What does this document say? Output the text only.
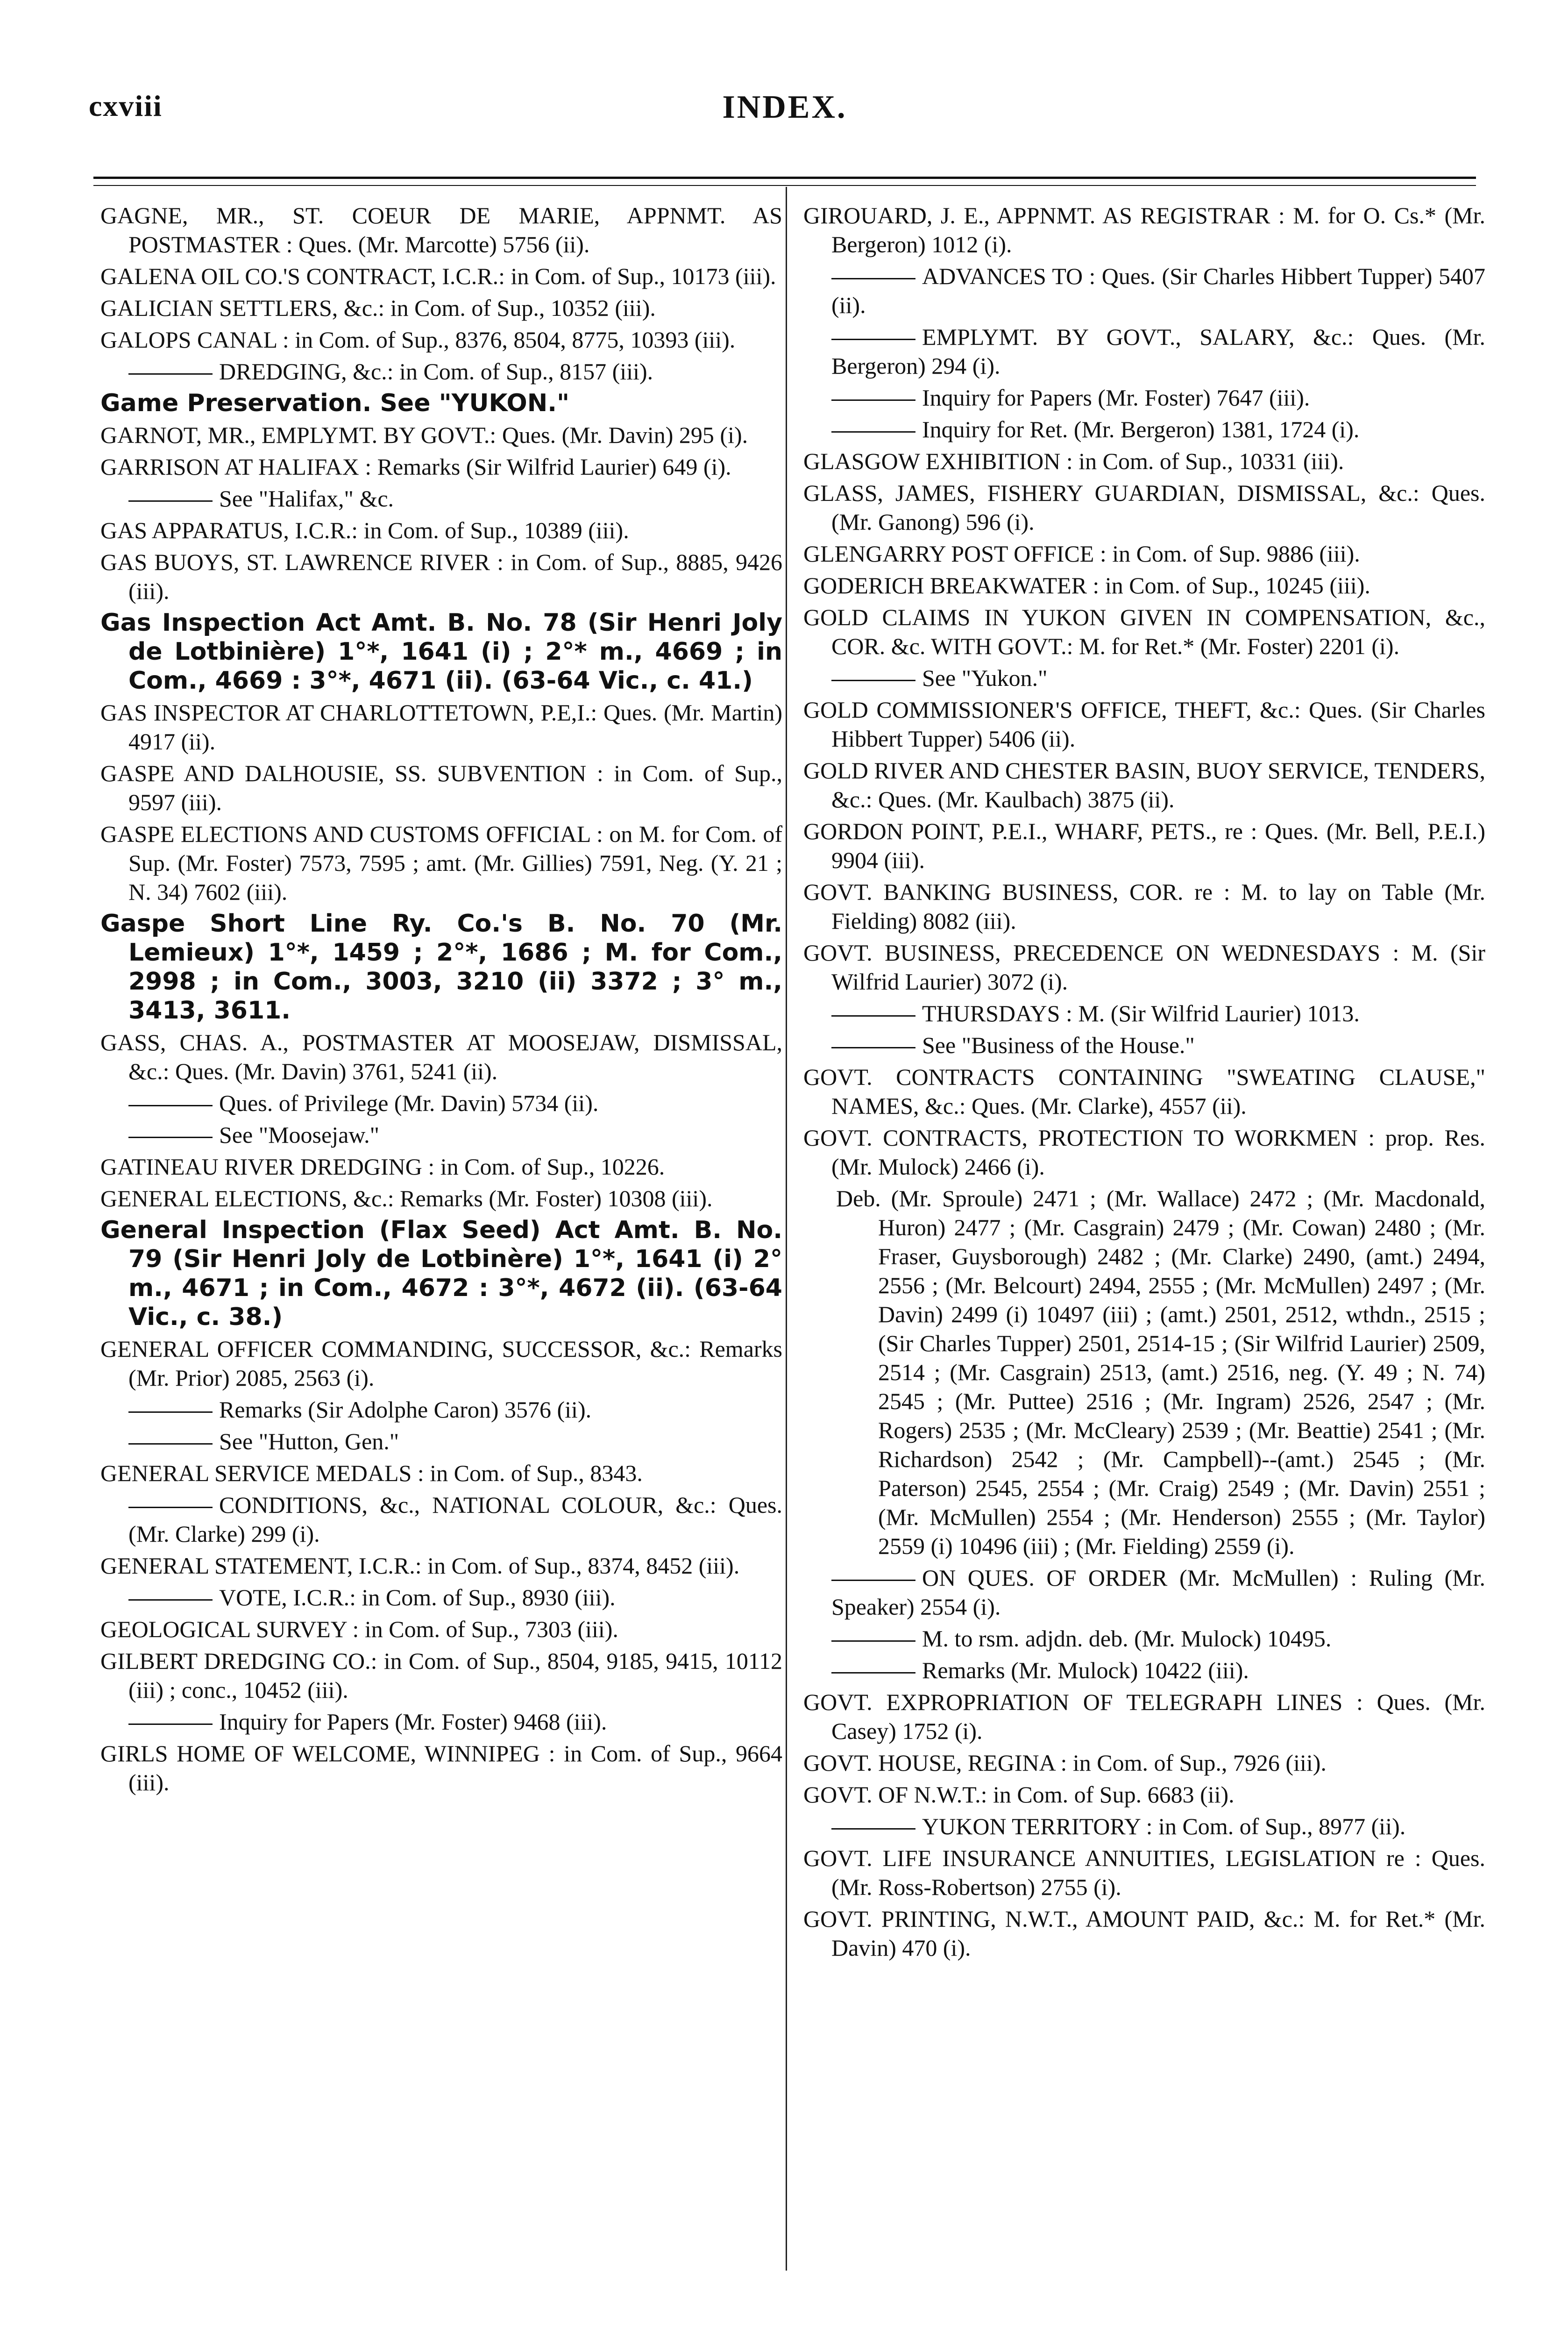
cxviii	INDEX.
GAGNE, MR., ST. COEUR DE MARIE, APPNMT. AS POSTMASTER : Ques. (Mr. Marcotte) 5756 (ii).
GALENA OIL CO.'S CONTRACT, I.C.R.: in Com. of Sup., 10173 (iii).
GALICIAN SETTLERS, &c.: in Com. of Sup., 10352 (iii).
GALOPS CANAL : in Com. of Sup., 8376, 8504, 8775, 10393 (iii).
DREDGING, &c.: in Com. of Sup., 8157 (iii).
Game Preservation. See "YUKON."
GARNOT, MR., EMPLYMT. BY GOVT.: Ques. (Mr. Davin) 295 (i).
GARRISON AT HALIFAX : Remarks (Sir Wilfrid Laurier) 649 (i).
See "Halifax," &c.
GAS APPARATUS, I.C.R.: in Com. of Sup., 10389 (iii).
GAS BUOYS, ST. LAWRENCE RIVER : in Com. of Sup., 8885, 9426 (iii).
Gas Inspection Act Amt. B. No. 78 (Sir Henri Joly de Lotbinière) 1°*, 1641 (i) ; 2°* m., 4669 ; in Com., 4669 : 3°*, 4671 (ii). (63-64 Vic., c. 41.)
GAS INSPECTOR AT CHARLOTTETOWN, P.E,I.: Ques. (Mr. Martin) 4917 (ii).
GASPE AND DALHOUSIE, SS. SUBVENTION : in Com. of Sup., 9597 (iii).
GASPE ELECTIONS AND CUSTOMS OFFICIAL : on M. for Com. of Sup. (Mr. Foster) 7573, 7595 ; amt. (Mr. Gillies) 7591, Neg. (Y. 21 ; N. 34) 7602 (iii).
Gaspe Short Line Ry. Co.'s B. No. 70 (Mr. Lemieux) 1°*, 1459 ; 2°*, 1686 ; M. for Com., 2998 ; in Com., 3003, 3210 (ii) 3372 ; 3° m., 3413, 3611.
GASS, CHAS. A., POSTMASTER AT MOOSEJAW, DISMISSAL, &c.: Ques. (Mr. Davin) 3761, 5241 (ii).
Ques. of Privilege (Mr. Davin) 5734 (ii).
See "Moosejaw."
GATINEAU RIVER DREDGING : in Com. of Sup., 10226.
GENERAL ELECTIONS, &c.: Remarks (Mr. Foster) 10308 (iii).
General Inspection (Flax Seed) Act Amt. B. No. 79 (Sir Henri Joly de Lotbinère) 1°*, 1641 (i) 2° m., 4671 ; in Com., 4672 : 3°*, 4672 (ii). (63-64 Vic., c. 38.)
GENERAL OFFICER COMMANDING, SUCCESSOR, &c.: Remarks (Mr. Prior) 2085, 2563 (i).
Remarks (Sir Adolphe Caron) 3576 (ii).
See "Hutton, Gen."
GENERAL SERVICE MEDALS : in Com. of Sup., 8343.
CONDITIONS, &c., NATIONAL COLOUR, &c.: Ques. (Mr. Clarke) 299 (i).
GENERAL STATEMENT, I.C.R.: in Com. of Sup., 8374, 8452 (iii).
VOTE, I.C.R.: in Com. of Sup., 8930 (iii).
GEOLOGICAL SURVEY : in Com. of Sup., 7303 (iii).
GILBERT DREDGING CO.: in Com. of Sup., 8504, 9185, 9415, 10112 (iii) ; conc., 10452 (iii).
Inquiry for Papers (Mr. Foster) 9468 (iii).
GIRLS HOME OF WELCOME, WINNIPEG : in Com. of Sup., 9664 (iii).
GIROUARD, J. E., APPNMT. AS REGISTRAR : M. for O. Cs.* (Mr. Bergeron) 1012 (i).
ADVANCES TO : Ques. (Sir Charles Hibbert Tupper) 5407 (ii).
EMPLYMT. BY GOVT., SALARY, &c.: Ques. (Mr. Bergeron) 294 (i).
Inquiry for Papers (Mr. Foster) 7647 (iii).
Inquiry for Ret. (Mr. Bergeron) 1381, 1724 (i).
GLASGOW EXHIBITION : in Com. of Sup., 10331 (iii).
GLASS, JAMES, FISHERY GUARDIAN, DISMISSAL, &c.: Ques. (Mr. Ganong) 596 (i).
GLENGARRY POST OFFICE : in Com. of Sup. 9886 (iii).
GODERICH BREAKWATER : in Com. of Sup., 10245 (iii).
GOLD CLAIMS IN YUKON GIVEN IN COMPENSATION, &c., COR. &c. WITH GOVT.: M. for Ret.* (Mr. Foster) 2201 (i).
See "Yukon."
GOLD COMMISSIONER'S OFFICE, THEFT, &c.: Ques. (Sir Charles Hibbert Tupper) 5406 (ii).
GOLD RIVER AND CHESTER BASIN, BUOY SERVICE, TENDERS, &c.: Ques. (Mr. Kaulbach) 3875 (ii).
GORDON POINT, P.E.I., WHARF, PETS., re : Ques. (Mr. Bell, P.E.I.) 9904 (iii).
GOVT. BANKING BUSINESS, COR. re : M. to lay on Table (Mr. Fielding) 8082 (iii).
GOVT. BUSINESS, PRECEDENCE ON WEDNESDAYS : M. (Sir Wilfrid Laurier) 3072 (i).
THURSDAYS : M. (Sir Wilfrid Laurier) 1013.
See "Business of the House."
GOVT. CONTRACTS CONTAINING "SWEATING CLAUSE," NAMES, &c.: Ques. (Mr. Clarke), 4557 (ii).
GOVT. CONTRACTS, PROTECTION TO WORKMEN : prop. Res. (Mr. Mulock) 2466 (i).
Deb. (Mr. Sproule) 2471 ; (Mr. Wallace) 2472 ; (Mr. Macdonald, Huron) 2477 ; (Mr. Casgrain) 2479 ; (Mr. Cowan) 2480 ; (Mr. Fraser, Guysborough) 2482 ; (Mr. Clarke) 2490, (amt.) 2494, 2556 ; (Mr. Belcourt) 2494, 2555 ; (Mr. McMullen) 2497 ; (Mr. Davin) 2499 (i) 10497 (iii) ; (amt.) 2501, 2512, wthdn., 2515 ; (Sir Charles Tupper) 2501, 2514-15 ; (Sir Wilfrid Laurier) 2509, 2514 ; (Mr. Casgrain) 2513, (amt.) 2516, neg. (Y. 49 ; N. 74) 2545 ; (Mr. Puttee) 2516 ; (Mr. Ingram) 2526, 2547 ; (Mr. Rogers) 2535 ; (Mr. McCleary) 2539 ; (Mr. Beattie) 2541 ; (Mr. Richardson) 2542 ; (Mr. Campbell)--(amt.) 2545 ; (Mr. Paterson) 2545, 2554 ; (Mr. Craig) 2549 ; (Mr. Davin) 2551 ; (Mr. McMullen) 2554 ; (Mr. Henderson) 2555 ; (Mr. Taylor) 2559 (i) 10496 (iii) ; (Mr. Fielding) 2559 (i).
ON QUES. OF ORDER (Mr. McMullen) : Ruling (Mr. Speaker) 2554 (i).
M. to rsm. adjdn. deb. (Mr. Mulock) 10495.
Remarks (Mr. Mulock) 10422 (iii).
GOVT. EXPROPRIATION OF TELEGRAPH LINES : Ques. (Mr. Casey) 1752 (i).
GOVT. HOUSE, REGINA : in Com. of Sup., 7926 (iii).
GOVT. OF N.W.T.: in Com. of Sup. 6683 (ii).
YUKON TERRITORY : in Com. of Sup., 8977 (ii).
GOVT. LIFE INSURANCE ANNUITIES, LEGISLATION re : Ques. (Mr. Ross-Robertson) 2755 (i).
GOVT. PRINTING, N.W.T., AMOUNT PAID, &c.: M. for Ret.* (Mr. Davin) 470 (i).
